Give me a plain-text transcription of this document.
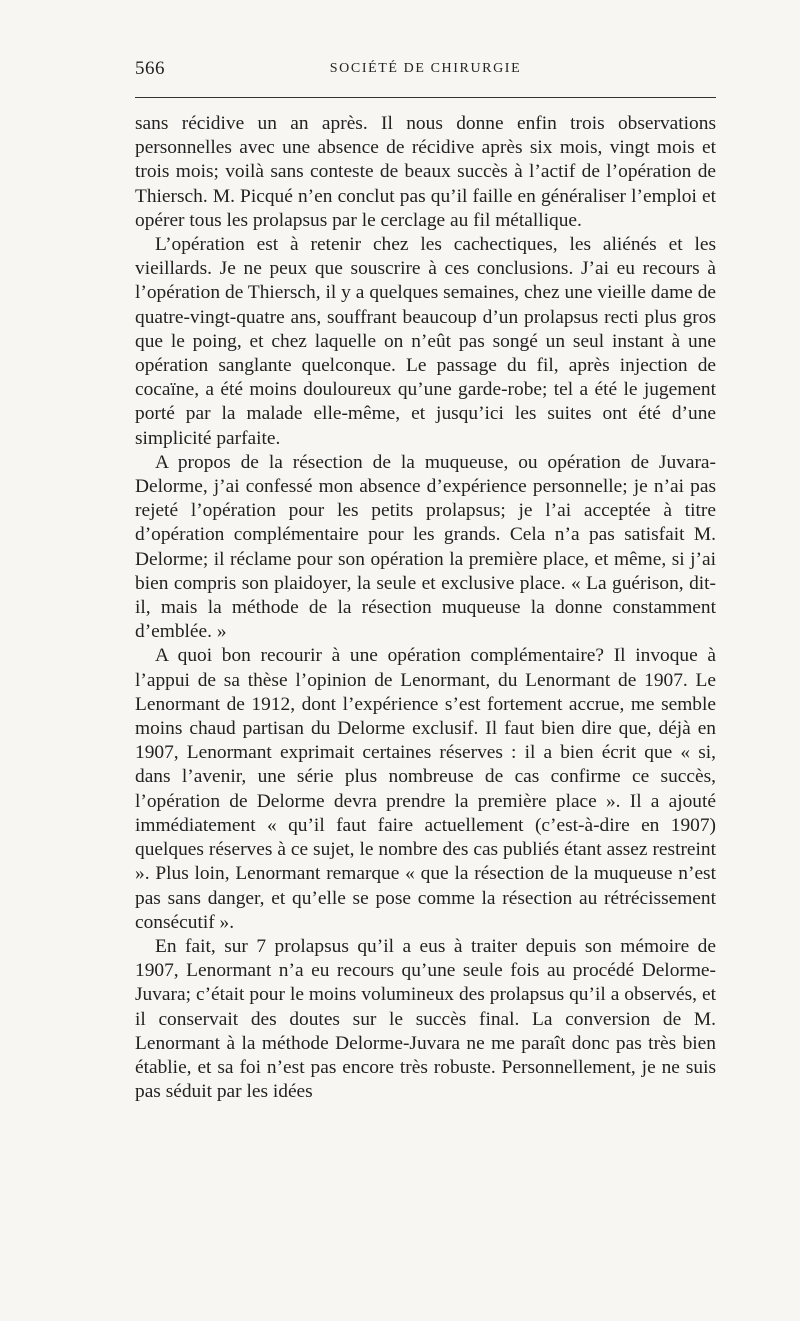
566	SOCIÉTÉ DE CHIRURGIE

sans récidive un an après. Il nous donne enfin trois observations personnelles avec une absence de récidive après six mois, vingt mois et trois mois; voilà sans conteste de beaux succès à l’actif de l’opération de Thiersch. M. Picqué n’en conclut pas qu’il faille en généraliser l’emploi et opérer tous les prolapsus par le cerclage au fil métallique.

L’opération est à retenir chez les cachectiques, les aliénés et les vieillards. Je ne peux que souscrire à ces conclusions. J’ai eu recours à l’opération de Thiersch, il y a quelques semaines, chez une vieille dame de quatre-vingt-quatre ans, souffrant beaucoup d’un prolapsus recti plus gros que le poing, et chez laquelle on n’eût pas songé un seul instant à une opération sanglante quelconque. Le passage du fil, après injection de cocaïne, a été moins douloureux qu’une garde-robe; tel a été le jugement porté par la malade elle-même, et jusqu’ici les suites ont été d’une simplicité parfaite.

A propos de la résection de la muqueuse, ou opération de Juvara-Delorme, j’ai confessé mon absence d’expérience personnelle; je n’ai pas rejeté l’opération pour les petits prolapsus; je l’ai acceptée à titre d’opération complémentaire pour les grands. Cela n’a pas satisfait M. Delorme; il réclame pour son opération la première place, et même, si j’ai bien compris son plaidoyer, la seule et exclusive place. « La guérison, dit-il, mais la méthode de la résection muqueuse la donne constamment d’emblée. »

A quoi bon recourir à une opération complémentaire? Il invoque à l’appui de sa thèse l’opinion de Lenormant, du Lenormant de 1907. Le Lenormant de 1912, dont l’expérience s’est fortement accrue, me semble moins chaud partisan du Delorme exclusif. Il faut bien dire que, déjà en 1907, Lenormant exprimait certaines réserves : il a bien écrit que « si, dans l’avenir, une série plus nombreuse de cas confirme ce succès, l’opération de Delorme devra prendre la première place ». Il a ajouté immédiatement « qu’il faut faire actuellement (c’est-à-dire en 1907) quelques réserves à ce sujet, le nombre des cas publiés étant assez restreint ». Plus loin, Lenormant remarque « que la résection de la muqueuse n’est pas sans danger, et qu’elle se pose comme la résection au rétrécissement consécutif ».

En fait, sur 7 prolapsus qu’il a eus à traiter depuis son mémoire de 1907, Lenormant n’a eu recours qu’une seule fois au procédé Delorme-Juvara; c’était pour le moins volumineux des prolapsus qu’il a observés, et il conservait des doutes sur le succès final. La conversion de M. Lenormant à la méthode Delorme-Juvara ne me paraît donc pas très bien établie, et sa foi n’est pas encore très robuste. Personnellement, je ne suis pas séduit par les idées
